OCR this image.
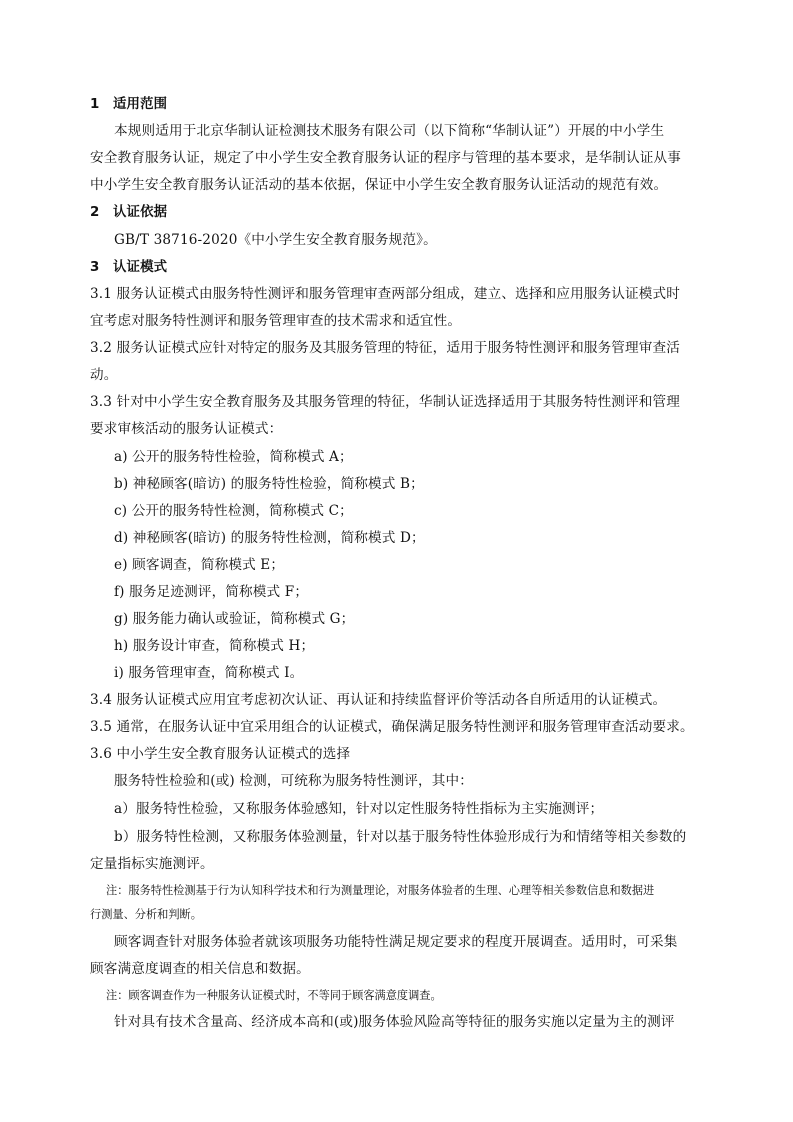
1　适用范围
本规则适用于北京华制认证检测技术服务有限公司（以下简称“华制认证”）开展的中小学生
安全教育服务认证，规定了中小学生安全教育服务认证的程序与管理的基本要求，是华制认证从事
中小学生安全教育服务认证活动的基本依据，保证中小学生安全教育服务认证活动的规范有效。
2　认证依据
GB/T 38716-2020《中小学生安全教育服务规范》。
3　认证模式
3.1 服务认证模式由服务特性测评和服务管理审查两部分组成，建立、选择和应用服务认证模式时
宜考虑对服务特性测评和服务管理审查的技术需求和适宜性。
3.2 服务认证模式应针对特定的服务及其服务管理的特征，适用于服务特性测评和服务管理审查活
动。
3.3 针对中小学生安全教育服务及其服务管理的特征，华制认证选择适用于其服务特性测评和管理
要求审核活动的服务认证模式：
a) 公开的服务特性检验，简称模式 A；
b) 神秘顾客(暗访) 的服务特性检验，简称模式 B；
c) 公开的服务特性检测，简称模式 C；
d) 神秘顾客(暗访) 的服务特性检测，简称模式 D；
e) 顾客调查，简称模式 E；
f) 服务足迹测评，简称模式 F；
g) 服务能力确认或验证，简称模式 G；
h) 服务设计审查，简称模式 H；
i) 服务管理审查，简称模式 I。
3.4 服务认证模式应用宜考虑初次认证、再认证和持续监督评价等活动各自所适用的认证模式。
3.5 通常，在服务认证中宜采用组合的认证模式，确保满足服务特性测评和服务管理审查活动要求。
3.6 中小学生安全教育服务认证模式的选择
服务特性检验和(或) 检测，可统称为服务特性测评，其中：
a）服务特性检验，又称服务体验感知，针对以定性服务特性指标为主实施测评；
b）服务特性检测，又称服务体验测量，针对以基于服务特性体验形成行为和情绪等相关参数的
定量指标实施测评。
注：服务特性检测基于行为认知科学技术和行为测量理论，对服务体验者的生理、心理等相关参数信息和数据进
行测量、分析和判断。
顾客调查针对服务体验者就该项服务功能特性满足规定要求的程度开展调查。适用时，可采集
顾客满意度调查的相关信息和数据。
注：顾客调查作为一种服务认证模式时，不等同于顾客满意度调查。
针对具有技术含量高、经济成本高和(或)服务体验风险高等特征的服务实施以定量为主的测评
